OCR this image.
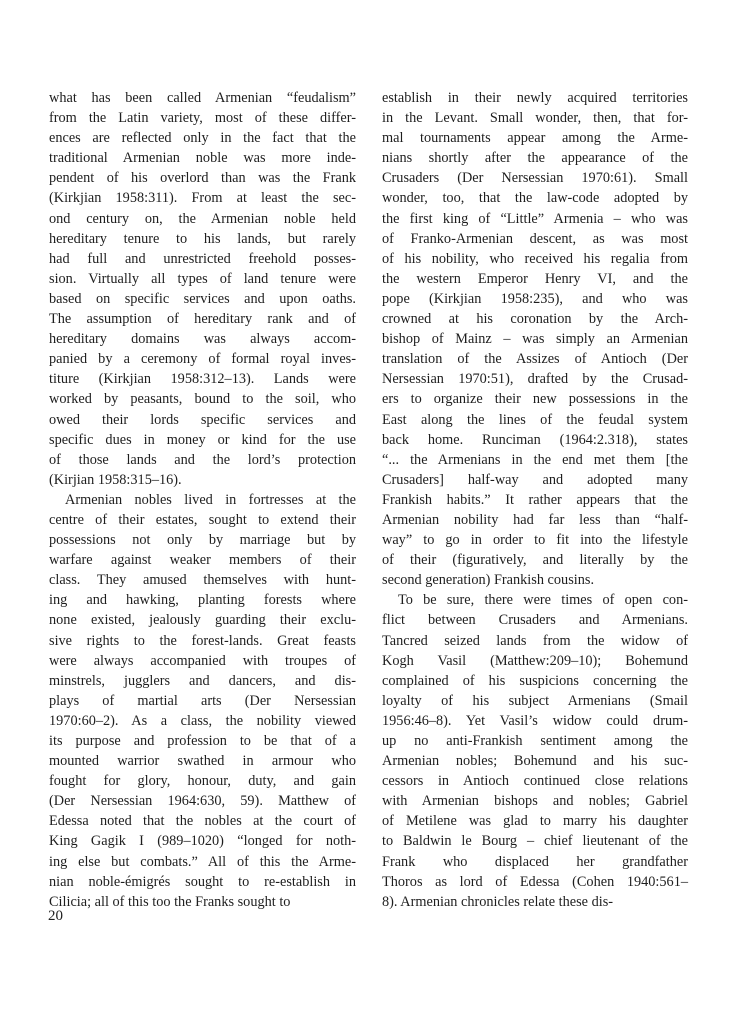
what has been called Armenian “feudalism”
from the Latin variety, most of these differ-
ences are reflected only in the fact that the
traditional Armenian noble was more inde-
pendent of his overlord than was the Frank
(Kirkjian 1958:311). From at least the sec-
ond century on, the Armenian noble held
hereditary tenure to his lands, but rarely
had full and unrestricted freehold posses-
sion. Virtually all types of land tenure were
based on specific services and upon oaths.
The assumption of hereditary rank and of
hereditary domains was always accom-
panied by a ceremony of formal royal inves-
titure (Kirkjian 1958:312–13). Lands were
worked by peasants, bound to the soil, who
owed their lords specific services and
specific dues in money or kind for the use
of those lands and the lord’s protection
(Kirjian 1958:315–16).
Armenian nobles lived in fortresses at the
centre of their estates, sought to extend their
possessions not only by marriage but by
warfare against weaker members of their
class. They amused themselves with hunt-
ing and hawking, planting forests where
none existed, jealously guarding their exclu-
sive rights to the forest-lands. Great feasts
were always accompanied with troupes of
minstrels, jugglers and dancers, and dis-
plays of martial arts (Der Nersessian
1970:60–2). As a class, the nobility viewed
its purpose and profession to be that of a
mounted warrior swathed in armour who
fought for glory, honour, duty, and gain
(Der Nersessian 1964:630, 59). Matthew of
Edessa noted that the nobles at the court of
King Gagik I (989–1020) “longed for noth-
ing else but combats.” All of this the Arme-
nian noble-émigrés sought to re-establish in
Cilicia; all of this too the Franks sought to
establish in their newly acquired territories
in the Levant. Small wonder, then, that for-
mal tournaments appear among the Arme-
nians shortly after the appearance of the
Crusaders (Der Nersessian 1970:61). Small
wonder, too, that the law-code adopted by
the first king of “Little” Armenia – who was
of Franko-Armenian descent, as was most
of his nobility, who received his regalia from
the western Emperor Henry VI, and the
pope (Kirkjian 1958:235), and who was
crowned at his coronation by the Arch-
bishop of Mainz – was simply an Armenian
translation of the Assizes of Antioch (Der
Nersessian 1970:51), drafted by the Crusad-
ers to organize their new possessions in the
East along the lines of the feudal system
back home. Runciman (1964:2.318), states
“... the Armenians in the end met them [the
Crusaders] half-way and adopted many
Frankish habits.” It rather appears that the
Armenian nobility had far less than “half-
way” to go in order to fit into the lifestyle
of their (figuratively, and literally by the
second generation) Frankish cousins.
To be sure, there were times of open con-
flict between Crusaders and Armenians.
Tancred seized lands from the widow of
Kogh Vasil (Matthew:209–10); Bohemund
complained of his suspicions concerning the
loyalty of his subject Armenians (Smail
1956:46–8). Yet Vasil’s widow could drum-
up no anti-Frankish sentiment among the
Armenian nobles; Bohemund and his suc-
cessors in Antioch continued close relations
with Armenian bishops and nobles; Gabriel
of Metilene was glad to marry his daughter
to Baldwin le Bourg – chief lieutenant of the
Frank who displaced her grandfather
Thoros as lord of Edessa (Cohen 1940:561–
8). Armenian chronicles relate these dis-
20
